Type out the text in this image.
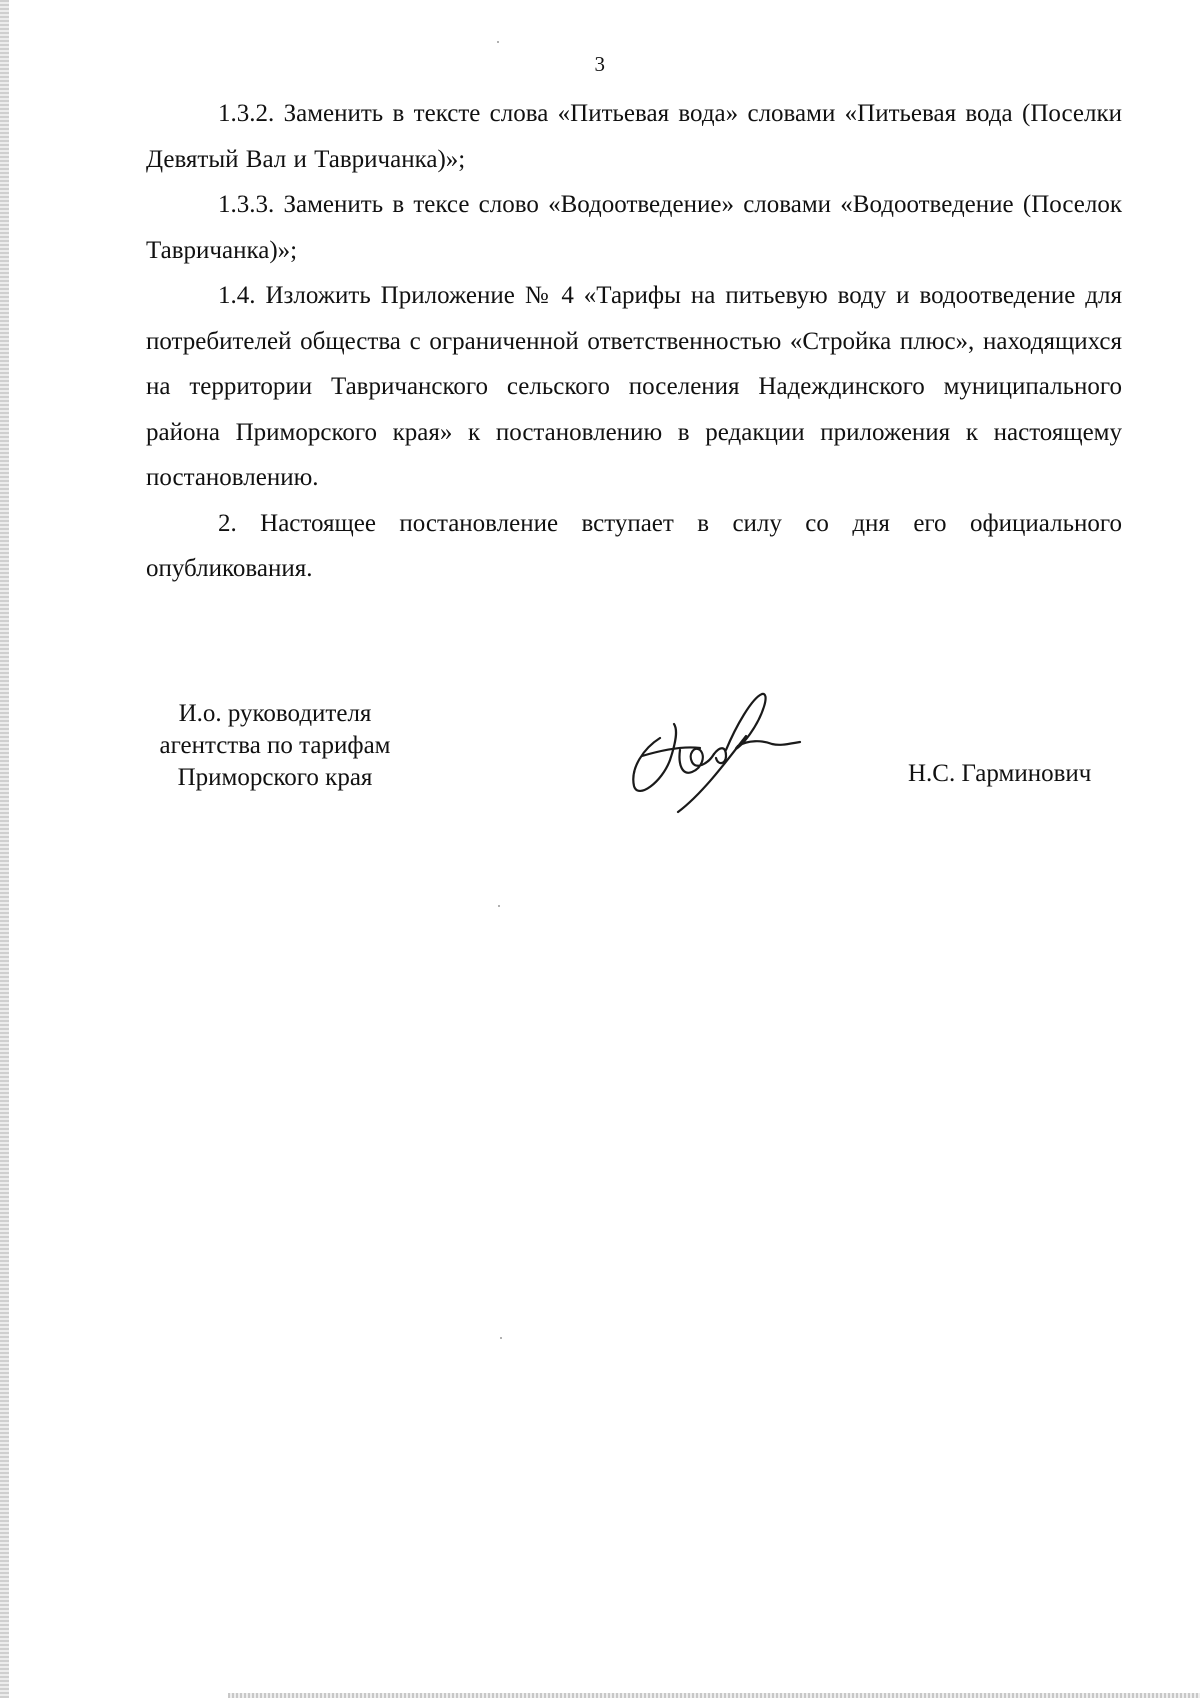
3

1.3.2. Заменить в тексте слова «Питьевая вода» словами «Питьевая вода (Поселки Девятый Вал и Тавричанка)»;

1.3.3. Заменить в тексе слово «Водоотведение» словами «Водоотведение (Поселок Тавричанка)»;

1.4. Изложить Приложение № 4 «Тарифы на питьевую воду и водоотведение для потребителей общества с ограниченной ответственностью «Стройка плюс», находящихся на территории Тавричанского сельского поселения Надеждинского муниципального района Приморского края» к постановлению в редакции приложения к настоящему постановлению.

2. Настоящее постановление вступает в силу со дня его официального опубликования.

И.о. руководителя
агентства по тарифам
Приморского края	Н.С. Гарминович
